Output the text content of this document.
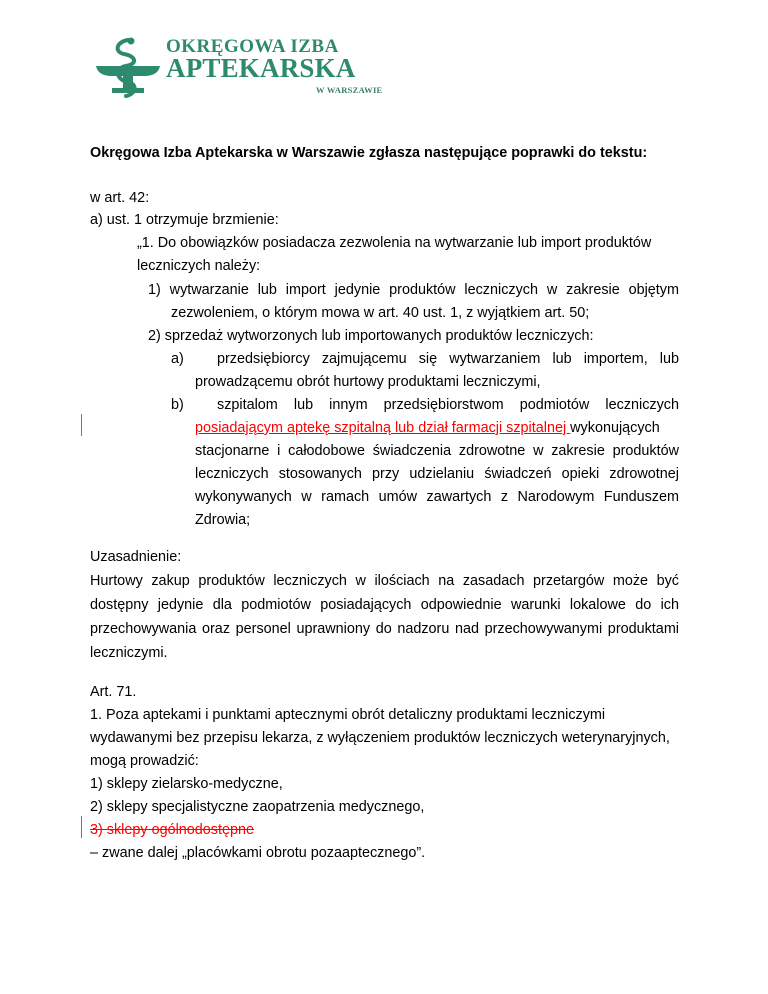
OKRĘGOWA IZBA
APTEKARSKA
W WARSZAWIE
Okręgowa Izba Aptekarska w Warszawie zgłasza następujące poprawki do tekstu:
w art. 42:
a) ust. 1 otrzymuje brzmienie:
„1. Do obowiązków posiadacza zezwolenia na wytwarzanie lub import produktów
leczniczych należy:
1) wytwarzanie lub import jedynie produktów leczniczych w zakresie objętym
zezwoleniem, o którym mowa w art. 40 ust. 1, z wyjątkiem art. 50;
2) sprzedaż wytworzonych lub importowanych produktów leczniczych:
a) przedsiębiorcy zajmującemu się wytwarzaniem lub importem, lub
prowadzącemu obrót hurtowy produktami leczniczymi,
b) szpitalom lub innym przedsiębiorstwom podmiotów leczniczych
posiadającym aptekę szpitalną lub dział farmacji szpitalnej wykonujących
stacjonarne i całodobowe świadczenia zdrowotne w zakresie produktów
leczniczych stosowanych przy udzielaniu świadczeń opieki zdrowotnej
wykonywanych w ramach umów zawartych z Narodowym Funduszem
Zdrowia;
Uzasadnienie:
Hurtowy zakup produktów leczniczych w ilościach na zasadach przetargów może być
dostępny jedynie dla podmiotów posiadających odpowiednie warunki lokalowe do ich
przechowywania oraz personel uprawniony do nadzoru nad przechowywanymi produktami
leczniczymi.
Art. 71.
1. Poza aptekami i punktami aptecznymi obrót detaliczny produktami leczniczymi
wydawanymi bez przepisu lekarza, z wyłączeniem produktów leczniczych weterynaryjnych,
mogą prowadzić:
1) sklepy zielarsko-medyczne,
2) sklepy specjalistyczne zaopatrzenia medycznego,
3) sklepy ogólnodostępne
– zwane dalej „placówkami obrotu pozaaptecznego”.
